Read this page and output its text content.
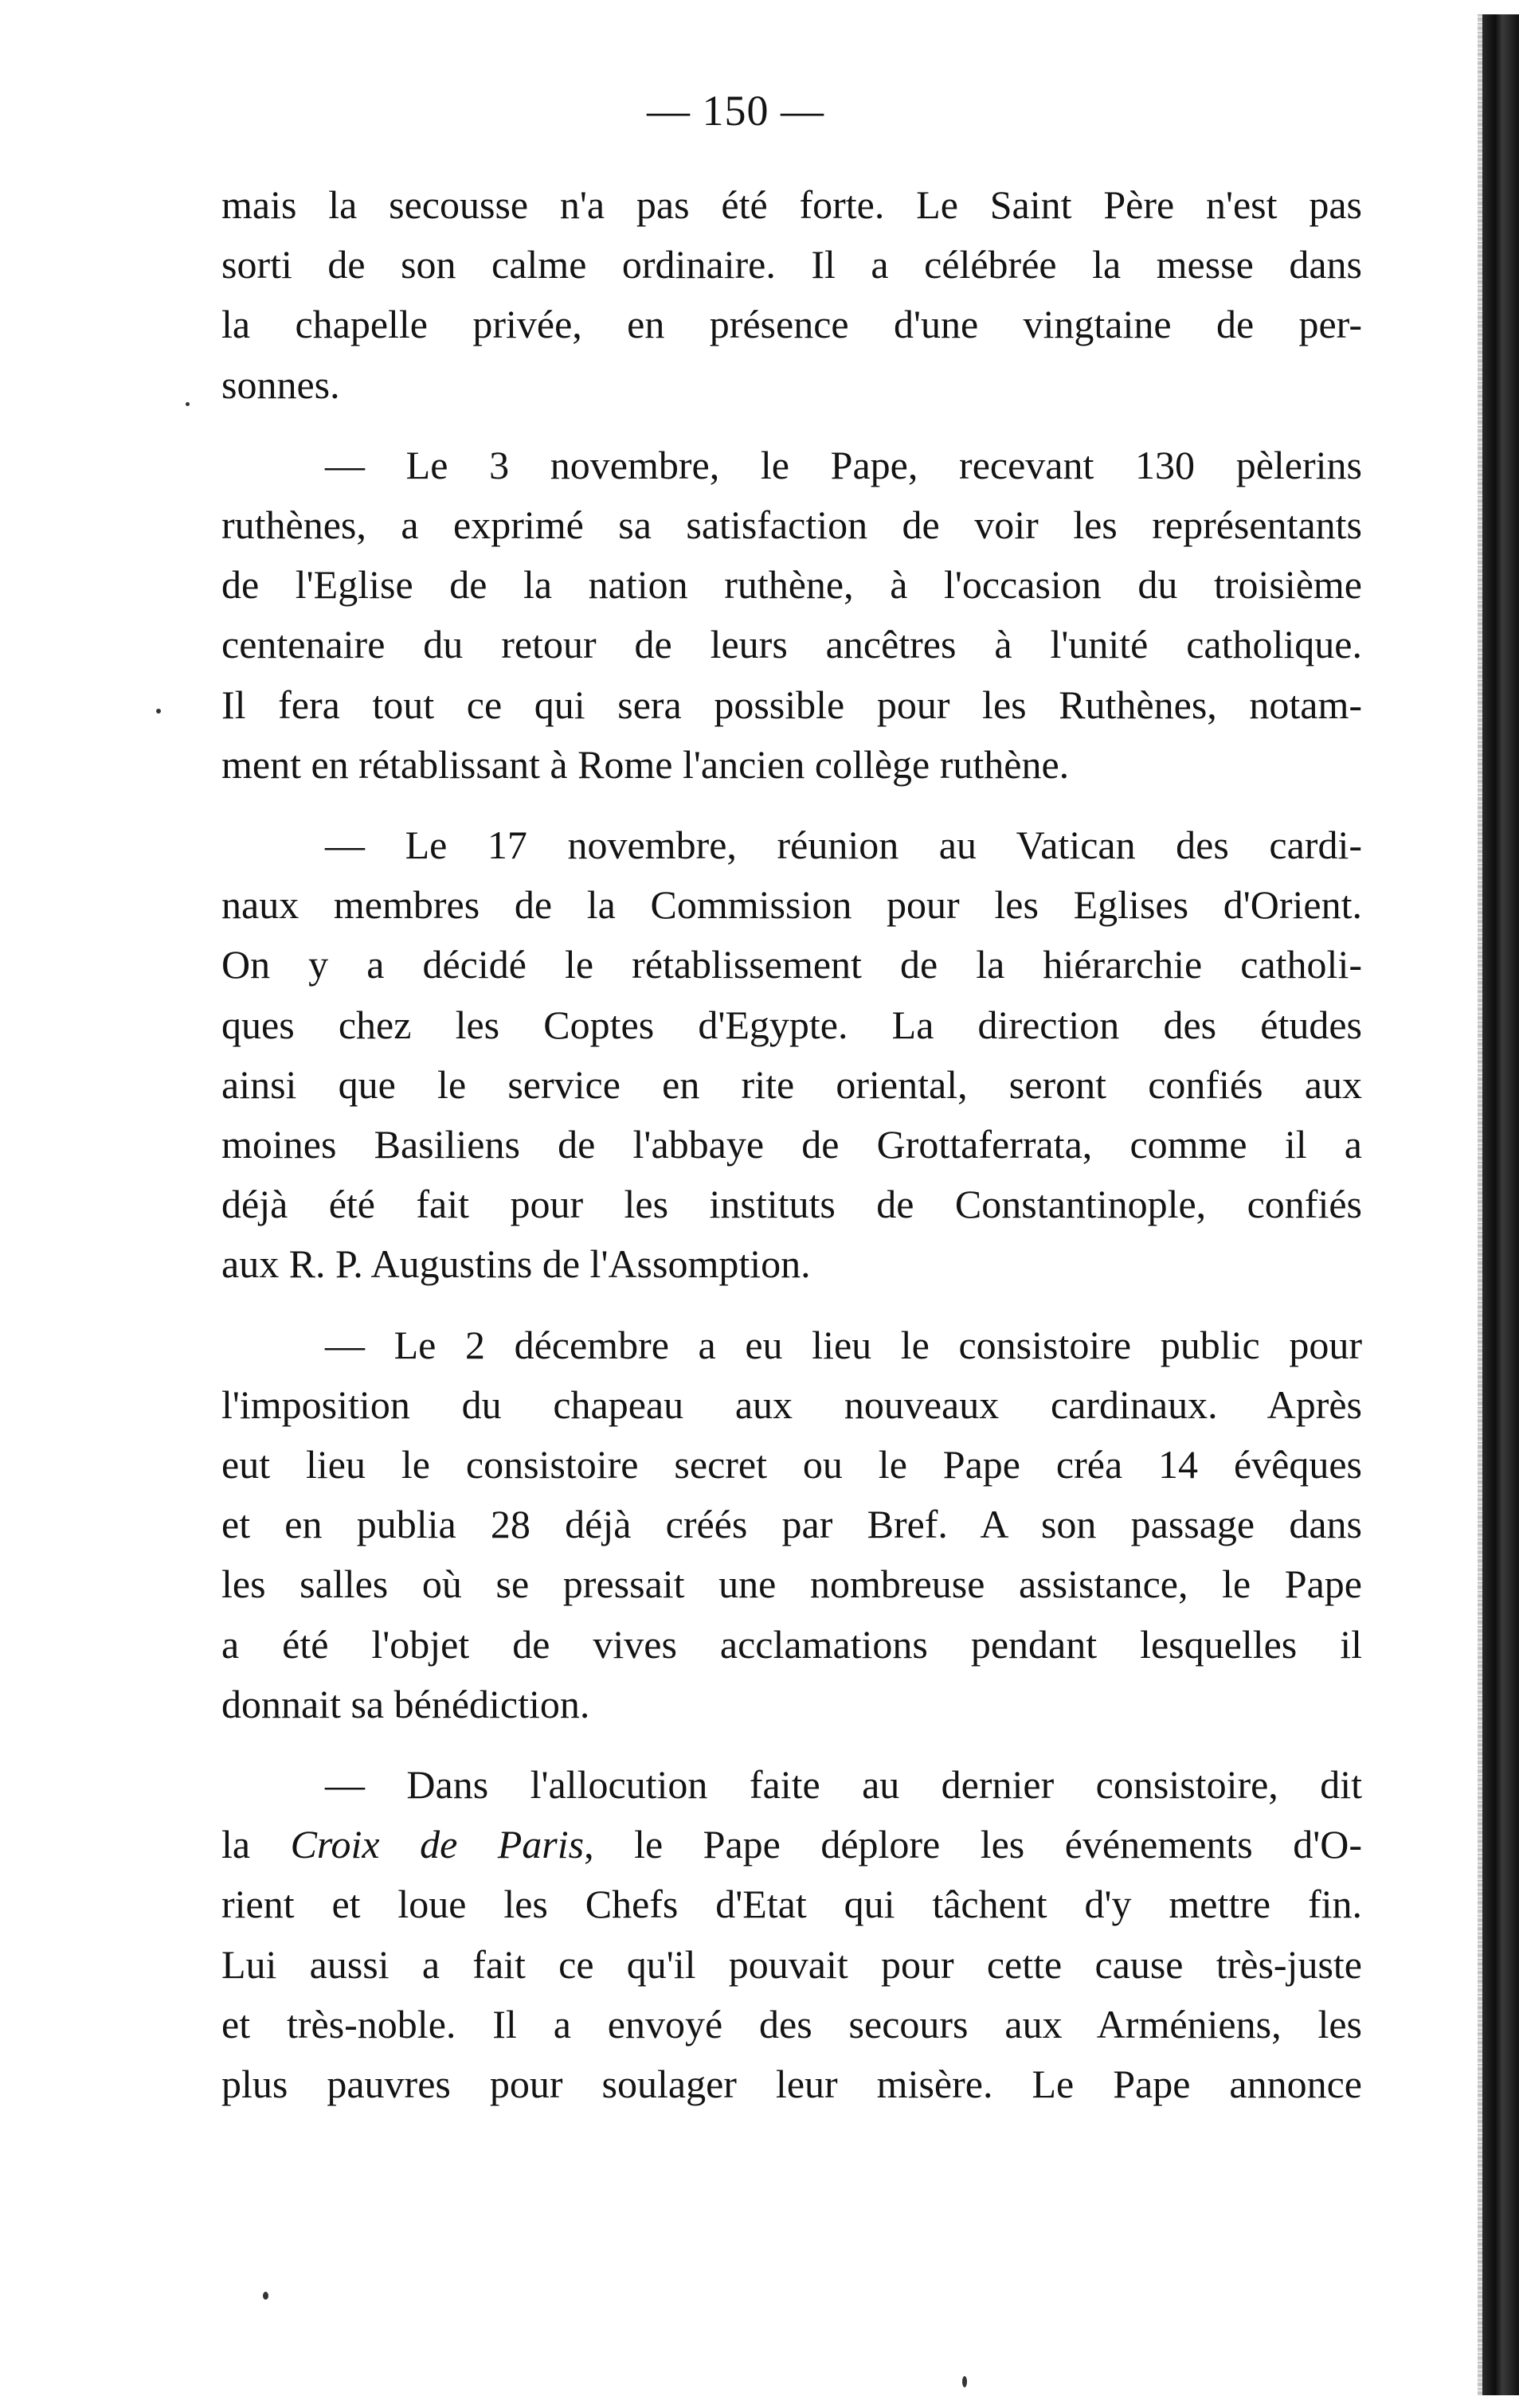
— 150 —

mais la secousse n'a pas été forte. Le Saint Père n'est pas
sorti de son calme ordinaire. Il a célébrée la messe dans
la chapelle privée, en présence d'une vingtaine de per-
sonnes.

— Le 3 novembre, le Pape, recevant 130 pèlerins
ruthènes, a exprimé sa satisfaction de voir les représentants
de l'Eglise de la nation ruthène, à l'occasion du troisième
centenaire du retour de leurs ancêtres à l'unité catholique.
Il fera tout ce qui sera possible pour les Ruthènes, notam-
ment en rétablissant à Rome l'ancien collège ruthène.

— Le 17 novembre, réunion au Vatican des cardi-
naux membres de la Commission pour les Eglises d'Orient.
On y a décidé le rétablissement de la hiérarchie catholi-
ques chez les Coptes d'Egypte. La direction des études
ainsi que le service en rite oriental, seront confiés aux
moines Basiliens de l'abbaye de Grottaferrata, comme il a
déjà été fait pour les instituts de Constantinople, confiés
aux R. P. Augustins de l'Assomption.

— Le 2 décembre a eu lieu le consistoire public pour
l'imposition du chapeau aux nouveaux cardinaux. Après
eut lieu le consistoire secret ou le Pape créa 14 évêques
et en publia 28 déjà créés par Bref. A son passage dans
les salles où se pressait une nombreuse assistance, le Pape
a été l'objet de vives acclamations pendant lesquelles il
donnait sa bénédiction.

— Dans l'allocution faite au dernier consistoire, dit
la Croix de Paris, le Pape déplore les événements d'O-
rient et loue les Chefs d'Etat qui tâchent d'y mettre fin.
Lui aussi a fait ce qu'il pouvait pour cette cause très-juste
et très-noble. Il a envoyé des secours aux Arméniens, les
plus pauvres pour soulager leur misère. Le Pape annonce
